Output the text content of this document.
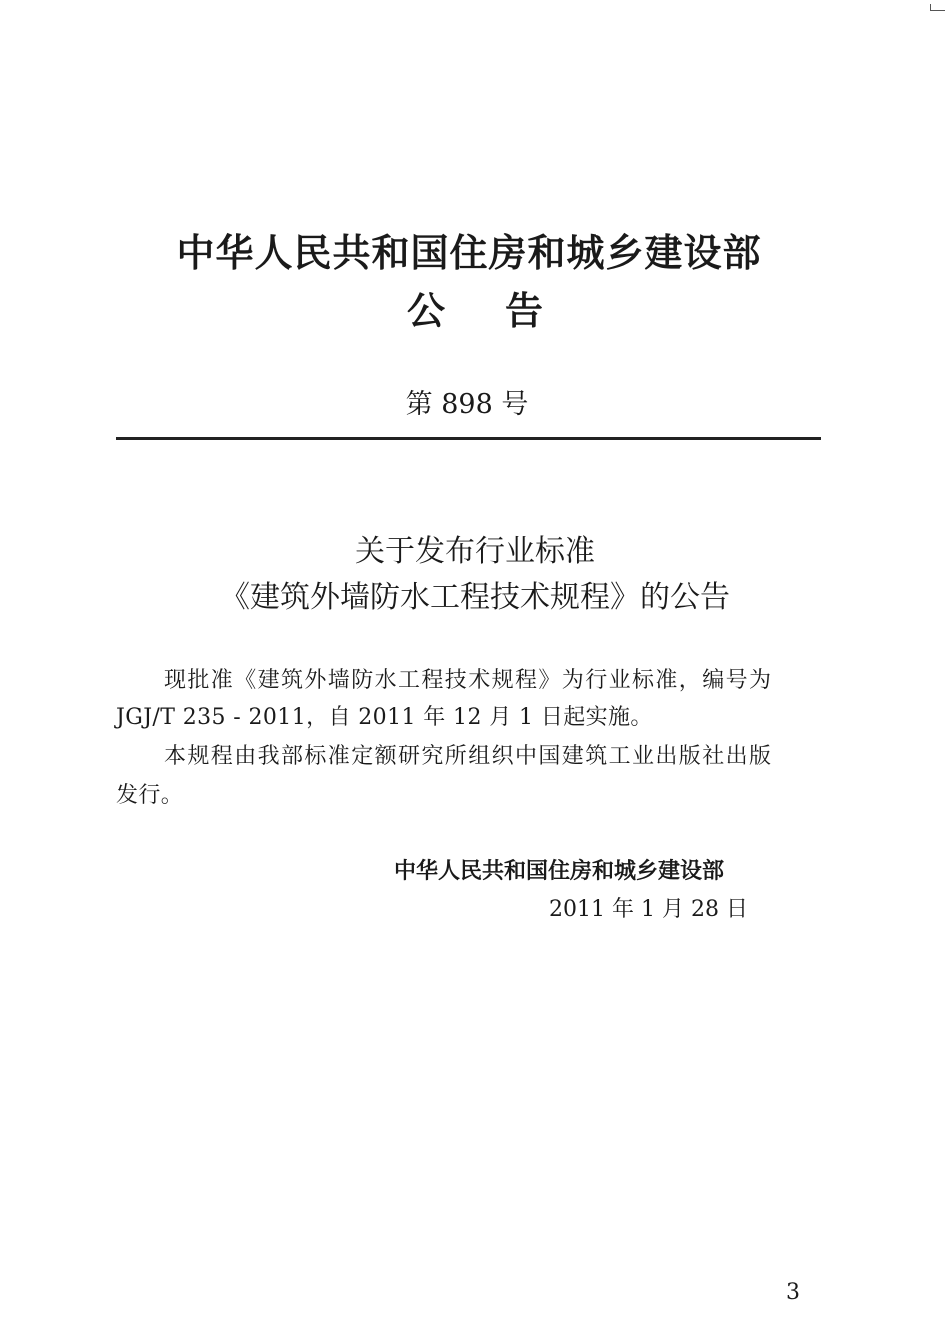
中华人民共和国住房和城乡建设部
公告
第 898 号
关于发布行业标准
《建筑外墙防水工程技术规程》的公告
现批准《建筑外墙防水工程技术规程》为行业标准，编号为
JGJ/T 235 - 2011，自 2011 年 12 月 1 日起实施。
本规程由我部标准定额研究所组织中国建筑工业出版社出版
发行。
中华人民共和国住房和城乡建设部
2011 年 1 月 28 日
3
